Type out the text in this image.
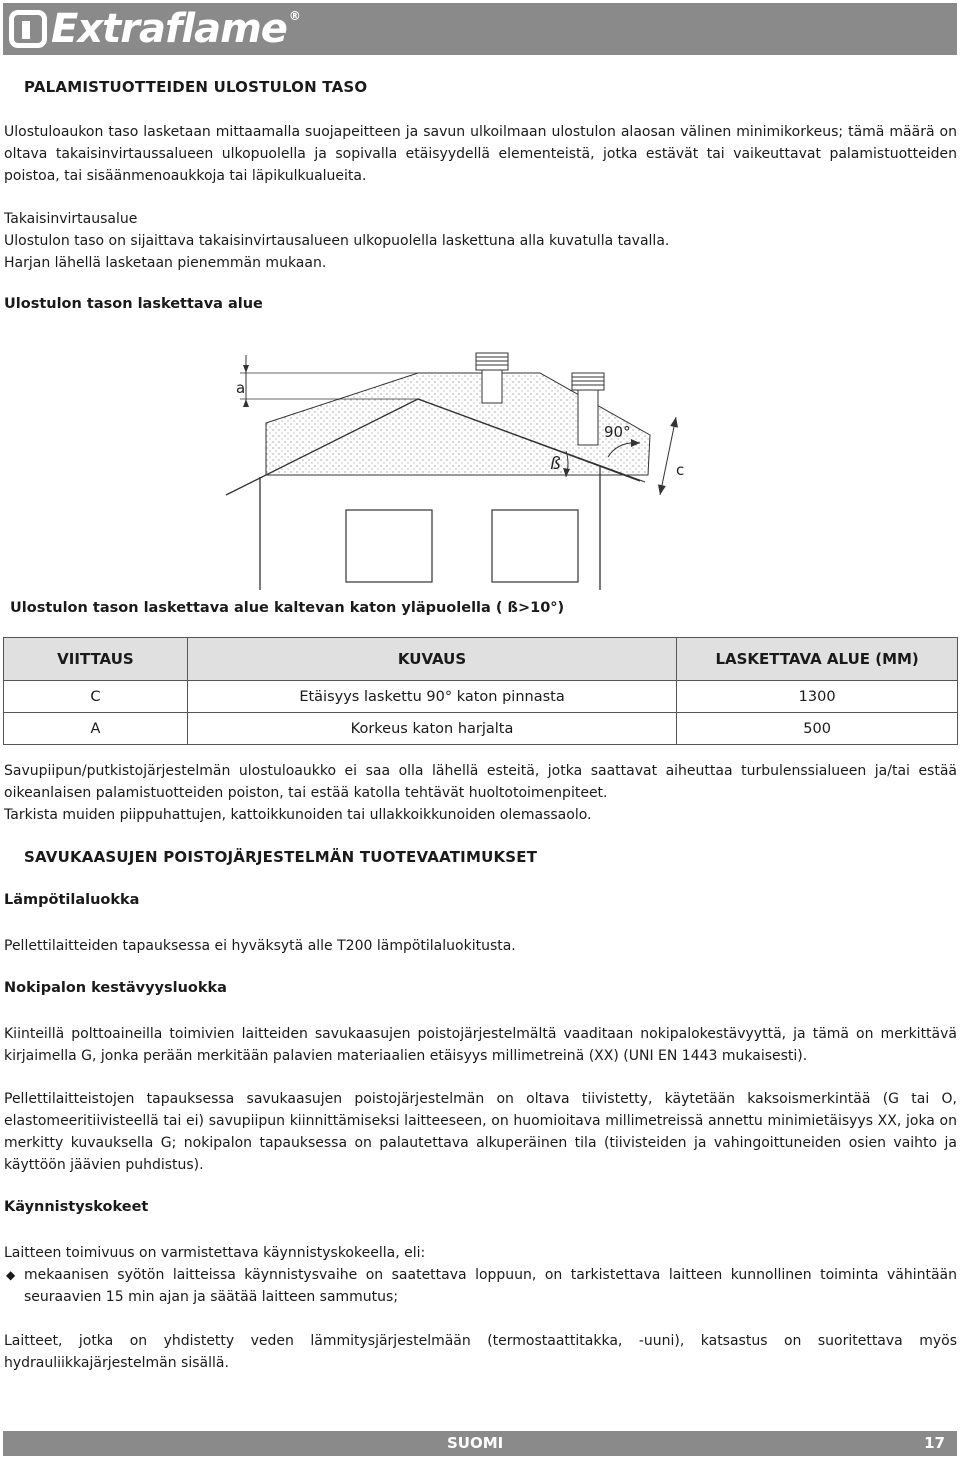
Extraflame ®
PALAMISTUOTTEIDEN ULOSTULON TASO

Ulostuloaukon taso lasketaan mittaamalla suojapeitteen ja savun ulkoilmaan ulostulon alaosan välinen minimikorkeus; tämä määrä on oltava takaisinvirtaussalueen ulkopuolella ja sopivalla etäisyydellä elementeistä, jotka estävät tai vaikeuttavat palamistuotteiden poistoa, tai sisäänmenoaukkoja tai läpikulkualueita.

Takaisinvirtausalue
Ulostulon taso on sijaittava takaisinvirtausalueen ulkopuolella laskettuna alla kuvatulla tavalla.
Harjan lähellä lasketaan pienemmän mukaan.
Ulostulon tason laskettava alue
a
c
90°
ß
Ulostulon tason laskettava alue kaltevan katon yläpuolella ( ß>10°)
VIITTAUS	KUVAUS	LASKETTAVA ALUE (MM)
C	Etäisyys laskettu 90° katon pinnasta	1300
A	Korkeus katon harjalta	500

Savupiipun/putkistojärjestelmän ulostuloaukko ei saa olla lähellä esteitä, jotka saattavat aiheuttaa turbulenssialueen ja/tai estää oikeanlaisen palamistuotteiden poiston, tai estää katolla tehtävät huoltotoimenpiteet.

Tarkista muiden piippuhattujen, kattoikkunoiden tai ullakkoikkunoiden olemassaolo.
SAVUKAASUJEN POISTOJÄRJESTELMÄN TUOTEVAATIMUKSET
Lämpötilaluokka
Pellettilaitteiden tapauksessa ei hyväksytä alle T200 lämpötilaluokitusta.
Nokipalon kestävyysluokka

Kiinteillä polttoaineilla toimivien laitteiden savukaasujen poistojärjestelmältä vaaditaan nokipalokestävyyttä, ja tämä on merkittävä kirjaimella G, jonka perään merkitään palavien materiaalien etäisyys millimetreinä (XX) (UNI EN 1443 mukaisesti).

Pellettilaitteistojen tapauksessa savukaasujen poistojärjestelmän on oltava tiivistetty, käytetään kaksoismerkintää (G tai O, elastomeeritiivisteellä tai ei) savupiipun kiinnittämiseksi laitteeseen, on huomioitava millimetreissä annettu minimietäisyys XX, joka on merkitty kuvauksella G; nokipalon tapauksessa on palautettava alkuperäinen tila (tiivisteiden ja vahingoittuneiden osien vaihto ja käyttöön jäävien puhdistus).

Käynnistyskokeet
Laitteen toimivuus on varmistettava käynnistyskokeella, eli:
◆ mekaanisen syötön laitteissa käynnistysvaihe on saatettava loppuun, on tarkistettava laitteen kunnollinen toiminta vähintään seuraavien 15 min ajan ja säätää laitteen sammutus;

Laitteet, jotka on yhdistetty veden lämmitysjärjestelmään (termostaattitakka, -uuni), katsastus on suoritettava myös hydrauliikkajärjestelmän sisällä.

SUOMI	17
